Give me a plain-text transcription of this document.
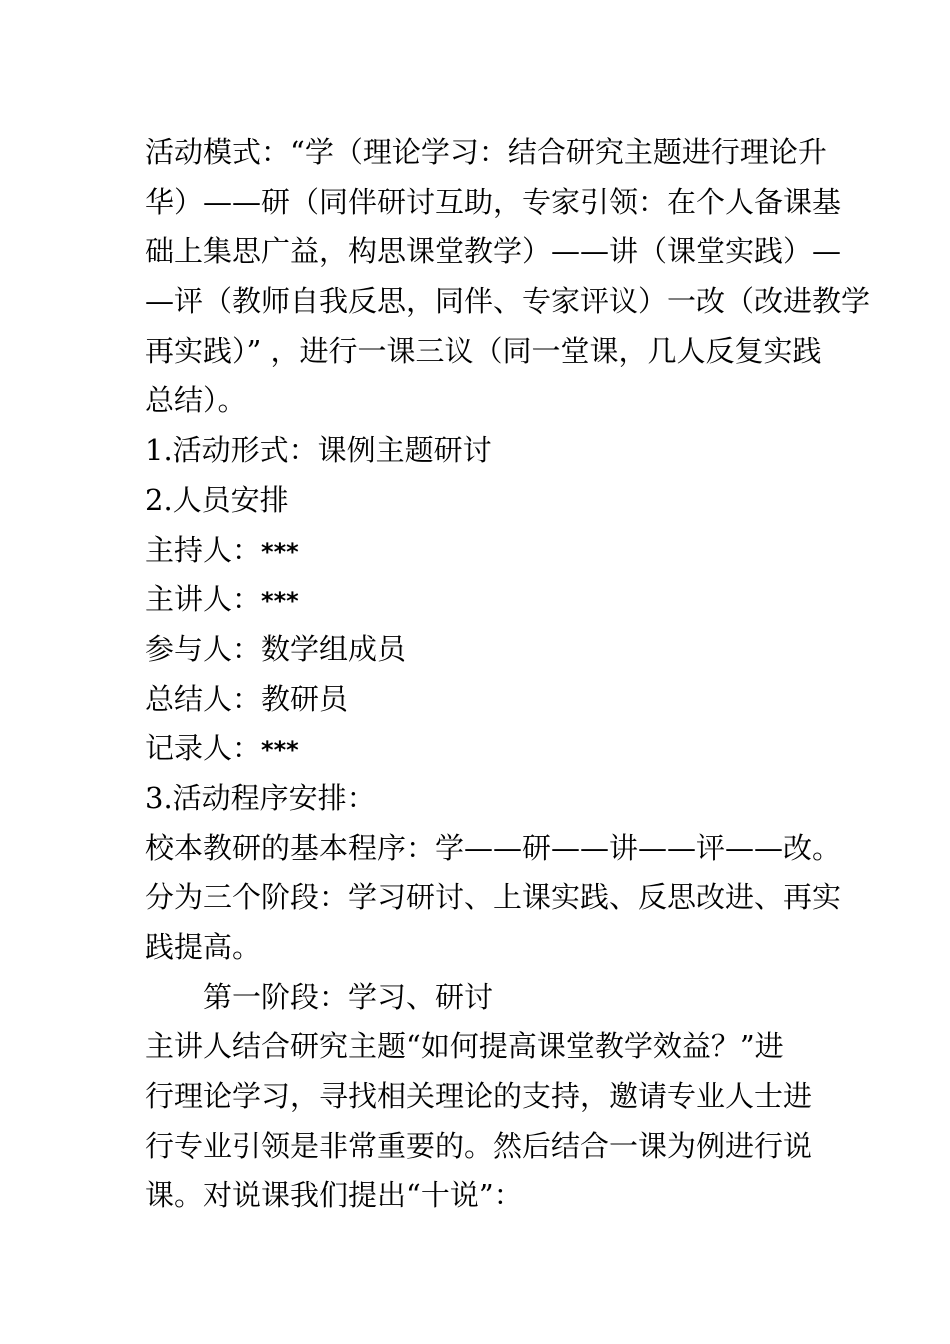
活动模式：“学（理论学习：结合研究主题进行理论升
华）——研（同伴研讨互助，专家引领：在个人备课基
础上集思广益，构思课堂教学）——讲（课堂实践）—
—评（教师自我反思，同伴、专家评议）一改（改进教学
再实践）” ，进行一课三议（同一堂课，几人反复实践
总结）。
1.活动形式：课例主题研讨
2.人员安排
主持人：***
主讲人：***
参与人：数学组成员
总结人：教研员
记录人：***
3.活动程序安排：
校本教研的基本程序：学——研——讲——评——改。
分为三个阶段：学习研讨、上课实践、反思改进、再实
践提高。
第一阶段：学习、研讨
主讲人结合研究主题“如何提高课堂教学效益？”进
行理论学习，寻找相关理论的支持，邀请专业人士进
行专业引领是非常重要的。然后结合一课为例进行说
课。对说课我们提出“十说”：
